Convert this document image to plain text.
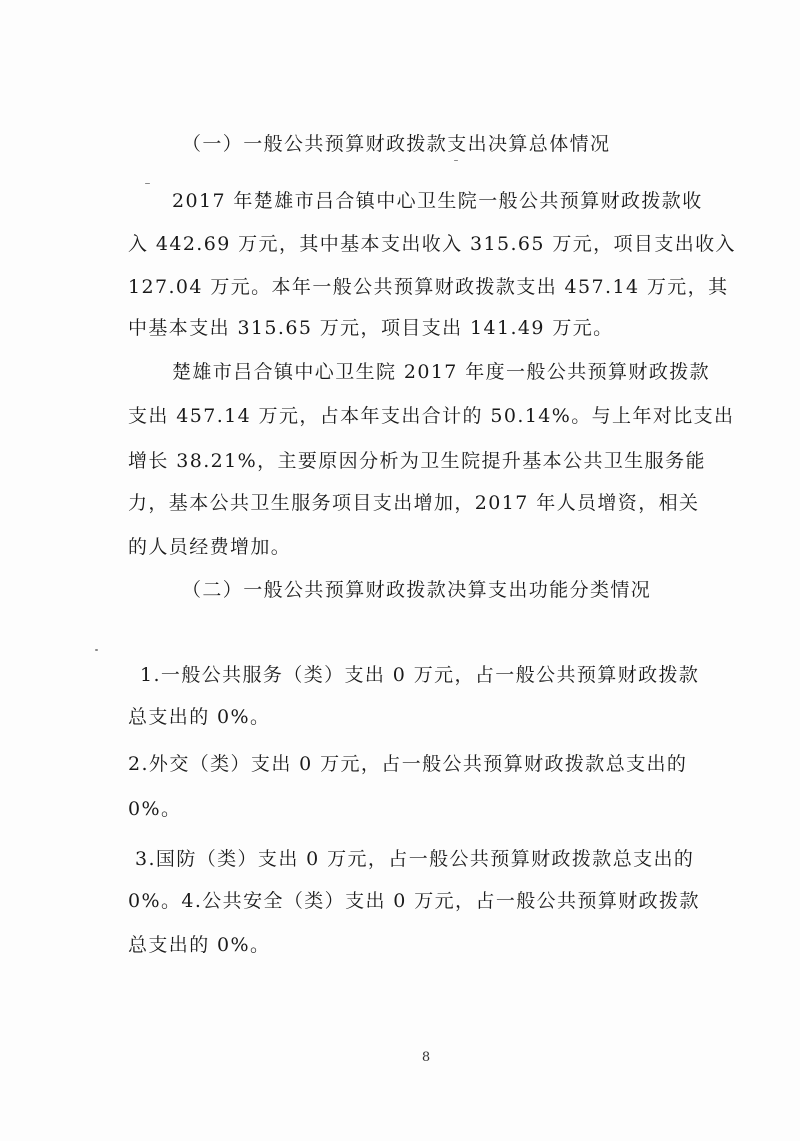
（一）一般公共预算财政拨款支出决算总体情况

2017 年楚雄市吕合镇中心卫生院一般公共预算财政拨款收

入 442.69 万元，其中基本支出收入 315.65 万元，项目支出收入

127.04 万元。本年一般公共预算财政拨款支出 457.14 万元，其

中基本支出 315.65 万元，项目支出 141.49 万元。

楚雄市吕合镇中心卫生院 2017 年度一般公共预算财政拨款

支出 457.14 万元，占本年支出合计的 50.14%。与上年对比支出

增长 38.21%，主要原因分析为卫生院提升基本公共卫生服务能

力，基本公共卫生服务项目支出增加，2017 年人员增资，相关

的人员经费增加。

（二）一般公共预算财政拨款决算支出功能分类情况

1.一般公共服务（类）支出 0 万元，占一般公共预算财政拨款

总支出的 0%。

2.外交（类）支出 0 万元，占一般公共预算财政拨款总支出的

0%。

3.国防（类）支出 0 万元，占一般公共预算财政拨款总支出的

0%。4.公共安全（类）支出 0 万元，占一般公共预算财政拨款

总支出的 0%。

8
